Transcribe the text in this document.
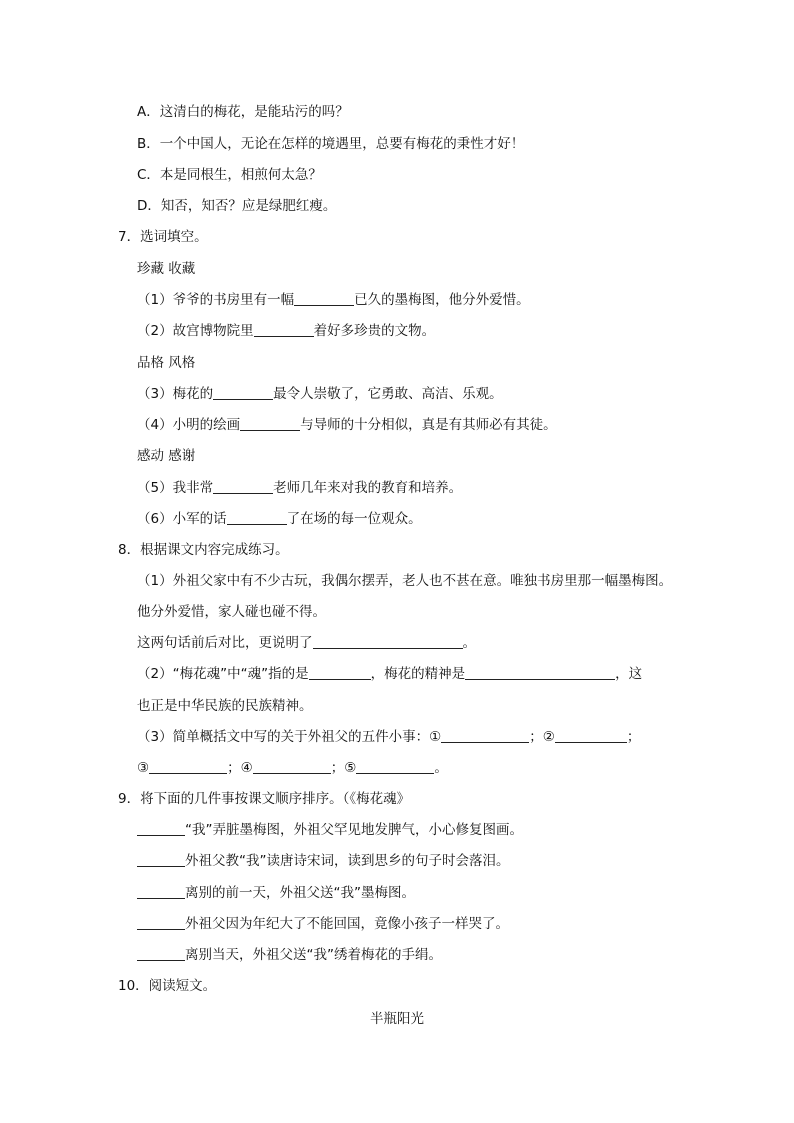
A．这清白的梅花，是能玷污的吗？
B．一个中国人，无论在怎样的境遇里，总要有梅花的秉性才好！
C．本是同根生，相煎何太急？
D．知否，知否？应是绿肥红瘦。
7．选词填空。
珍藏 收藏
（1）爷爷的书房里有一幅	已久的墨梅图，他分外爱惜。
（2）故宫博物院里	着好多珍贵的文物。
品格 风格
（3）梅花的	最令人崇敬了，它勇敢、高洁、乐观。
（4）小明的绘画	与导师的十分相似，真是有其师必有其徒。
感动 感谢
（5）我非常	老师几年来对我的教育和培养。
（6）小军的话	了在场的每一位观众。
8．根据课文内容完成练习。
（1）外祖父家中有不少古玩，我偶尔摆弄，老人也不甚在意。唯独书房里那一幅墨梅图。
他分外爱惜，家人碰也碰不得。
这两句话前后对比，更说明了	。
（2）“梅花魂”中“魂”指的是	，梅花的精神是	，这
也正是中华民族的民族精神。
（3）简单概括文中写的关于外祖父的五件小事：①	；②	；
③	；④	；⑤	。
9．将下面的几件事按课文顺序排序。（《梅花魂》
“我”弄脏墨梅图，外祖父罕见地发脾气，小心修复图画。
外祖父教“我”读唐诗宋词，读到思乡的句子时会落泪。
离别的前一天，外祖父送“我”墨梅图。
外祖父因为年纪大了不能回国，竟像小孩子一样哭了。
离别当天，外祖父送“我”绣着梅花的手绢。
10．阅读短文。
半瓶阳光
